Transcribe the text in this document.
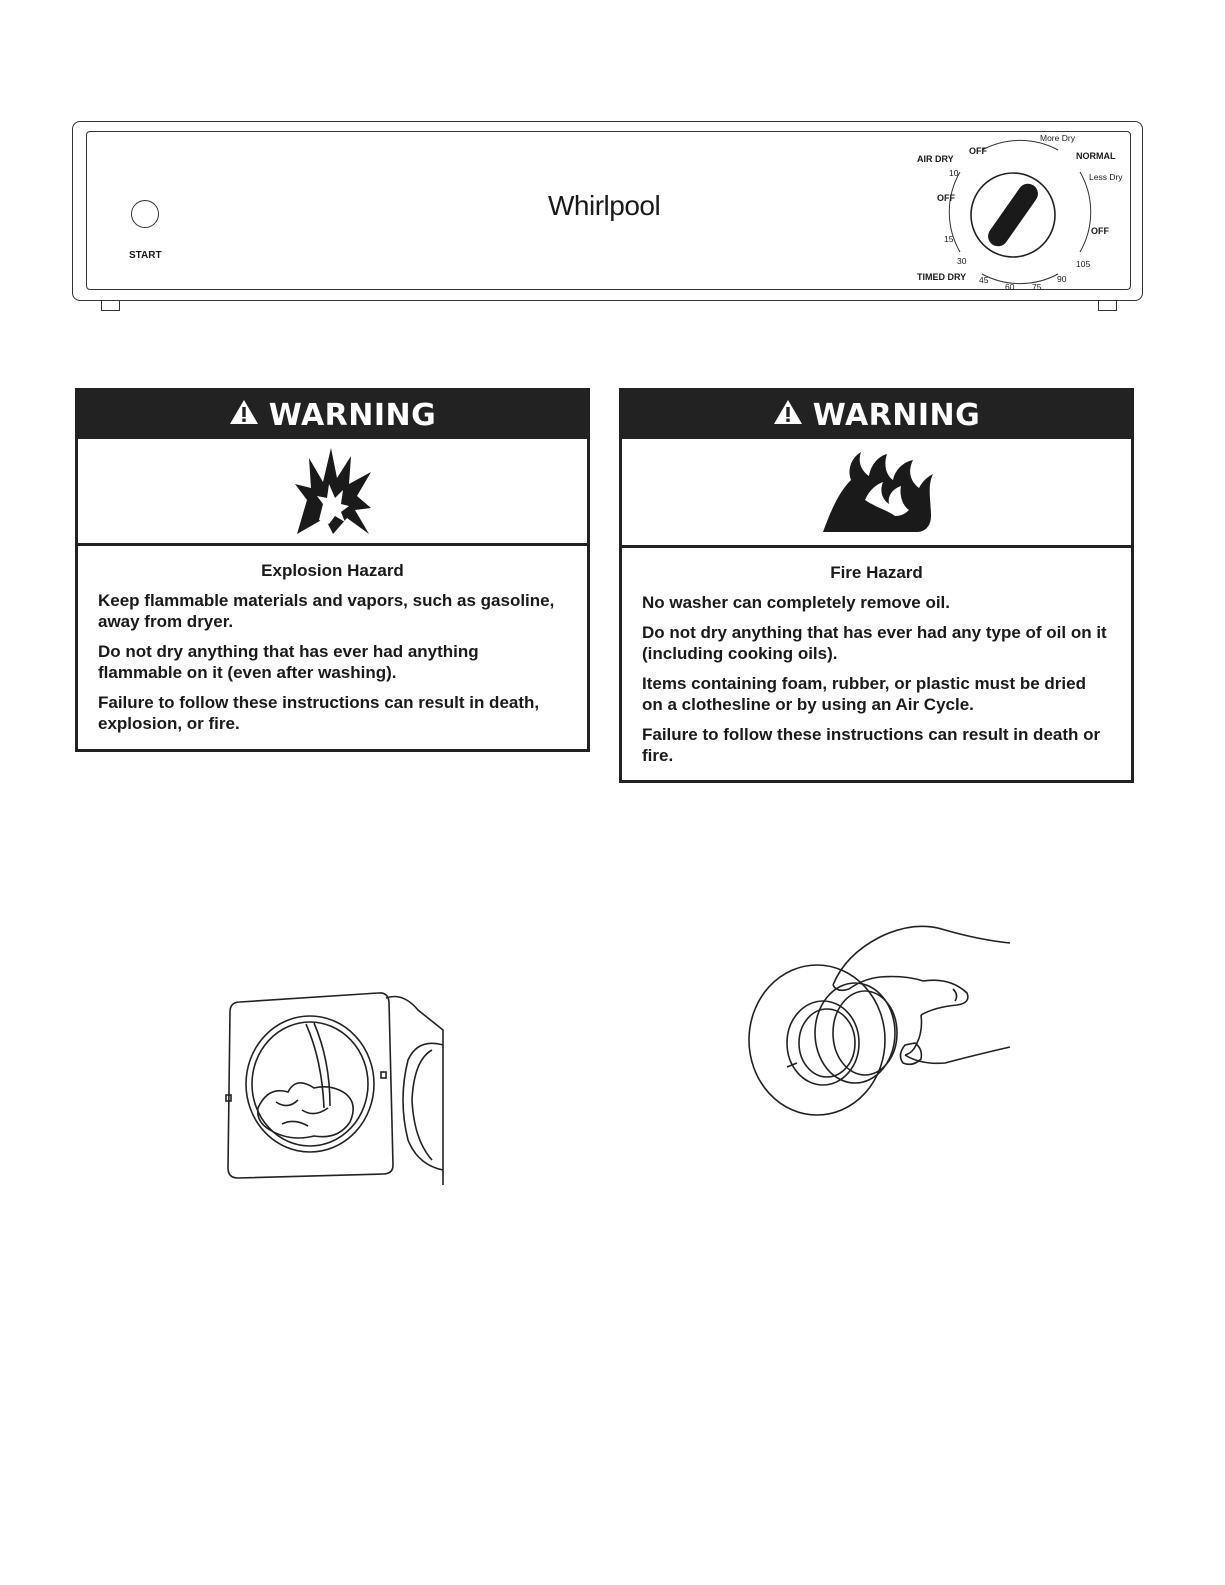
START
Whirlpool
AIR DRY
OFF
More Dry
NORMAL
Less Dry
10
OFF
OFF
15
30
TIMED DRY 45
60 75
90
105
WARNING
Explosion Hazard

Keep flammable materials and vapors, such as gasoline, away from dryer.

Do not dry anything that has ever had anything flammable on it (even after washing).

Failure to follow these instructions can result in death, explosion, or fire.

WARNING
Fire Hazard

No washer can completely remove oil.

Do not dry anything that has ever had any type of oil on it (including cooking oils).

Items containing foam, rubber, or plastic must be dried on a clothesline or by using an Air Cycle.

Failure to follow these instructions can result in death or fire.
